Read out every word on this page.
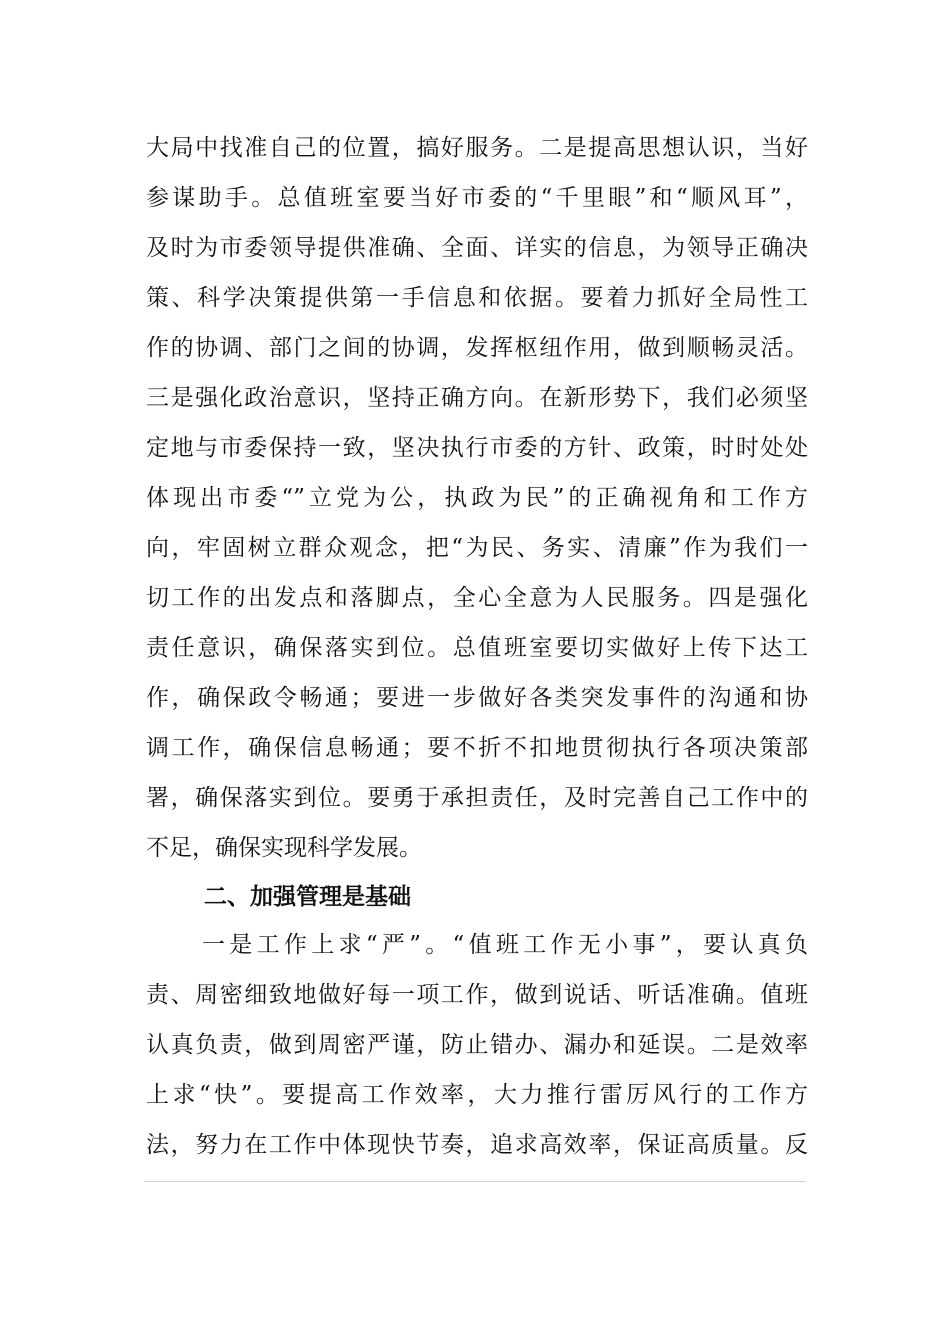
大局中找准自己的位置，搞好服务。二是提高思想认识，当好
参谋助手。总值班室要当好市委的“千里眼”和“顺风耳”，
及时为市委领导提供准确、全面、详实的信息，为领导正确决
策、科学决策提供第一手信息和依据。要着力抓好全局性工
作的协调、部门之间的协调，发挥枢纽作用，做到顺畅灵活。
三是强化政治意识，坚持正确方向。在新形势下，我们必须坚
定地与市委保持一致，坚决执行市委的方针、政策，时时处处
体现出市委“”立党为公，执政为民”的正确视角和工作方
向，牢固树立群众观念，把“为民、务实、清廉”作为我们一
切工作的出发点和落脚点，全心全意为人民服务。四是强化
责任意识，确保落实到位。总值班室要切实做好上传下达工
作，确保政令畅通；要进一步做好各类突发事件的沟通和协
调工作，确保信息畅通；要不折不扣地贯彻执行各项决策部
署，确保落实到位。要勇于承担责任，及时完善自己工作中的
不足，确保实现科学发展。
二、加强管理是基础
一是工作上求“严”。“值班工作无小事”，要认真负
责、周密细致地做好每一项工作，做到说话、听话准确。值班
认真负责，做到周密严谨，防止错办、漏办和延误。二是效率
上求“快”。要提高工作效率，大力推行雷厉风行的工作方
法，努力在工作中体现快节奏，追求高效率，保证高质量。反
